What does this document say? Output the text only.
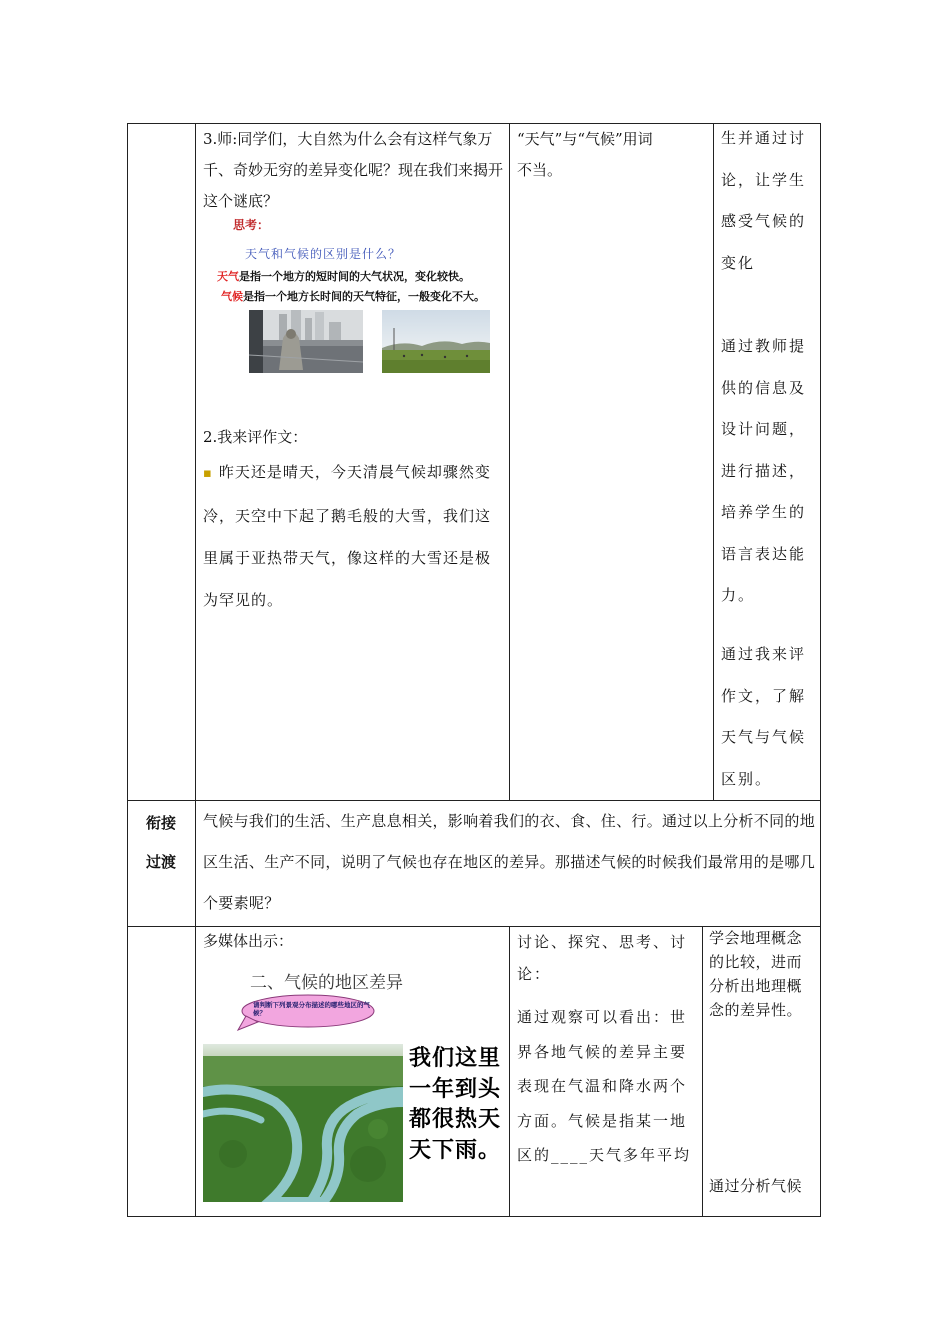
3.师:同学们，大自然为什么会有这样气象万千、奇妙无穷的差异变化呢？现在我们来揭开这个谜底？
思考：
天气和气候的区别是什么？
天气是指一个地方的短时间的大气状况，变化较快。
气候是指一个地方长时间的天气特征，一般变化不大。
2.我来评作文：
▪ 昨天还是晴天，今天清晨气候却骤然变冷，天空中下起了鹅毛般的大雪，我们这里属于亚热带天气，像这样的大雪还是极为罕见的。
“天气”与“气候”用词不当。
生并通过讨论，让学生感受气候的变化
通过教师提供的信息及设计问题，进行描述，培养学生的语言表达能力。
通过我来评作文，了解天气与气候区别。
衔接过渡
气候与我们的生活、生产息息相关，影响着我们的衣、食、住、行。通过以上分析不同的地区生活、生产不同，说明了气候也存在地区的差异。那描述气候的时候我们最常用的是哪几个要素呢？
多媒体出示：
二、气候的地区差异
请判断下列景观分布描述的哪些地区的气候？
我们这里一年到头都很热天天下雨。
讨论、探究、思考、讨论：
通过观察可以看出：世界各地气候的差异主要表现在气温和降水两个方面。气候是指某一地区的____天气多年平均
学会地理概念的比较，进而分析出地理概念的差异性。
通过分析气候
